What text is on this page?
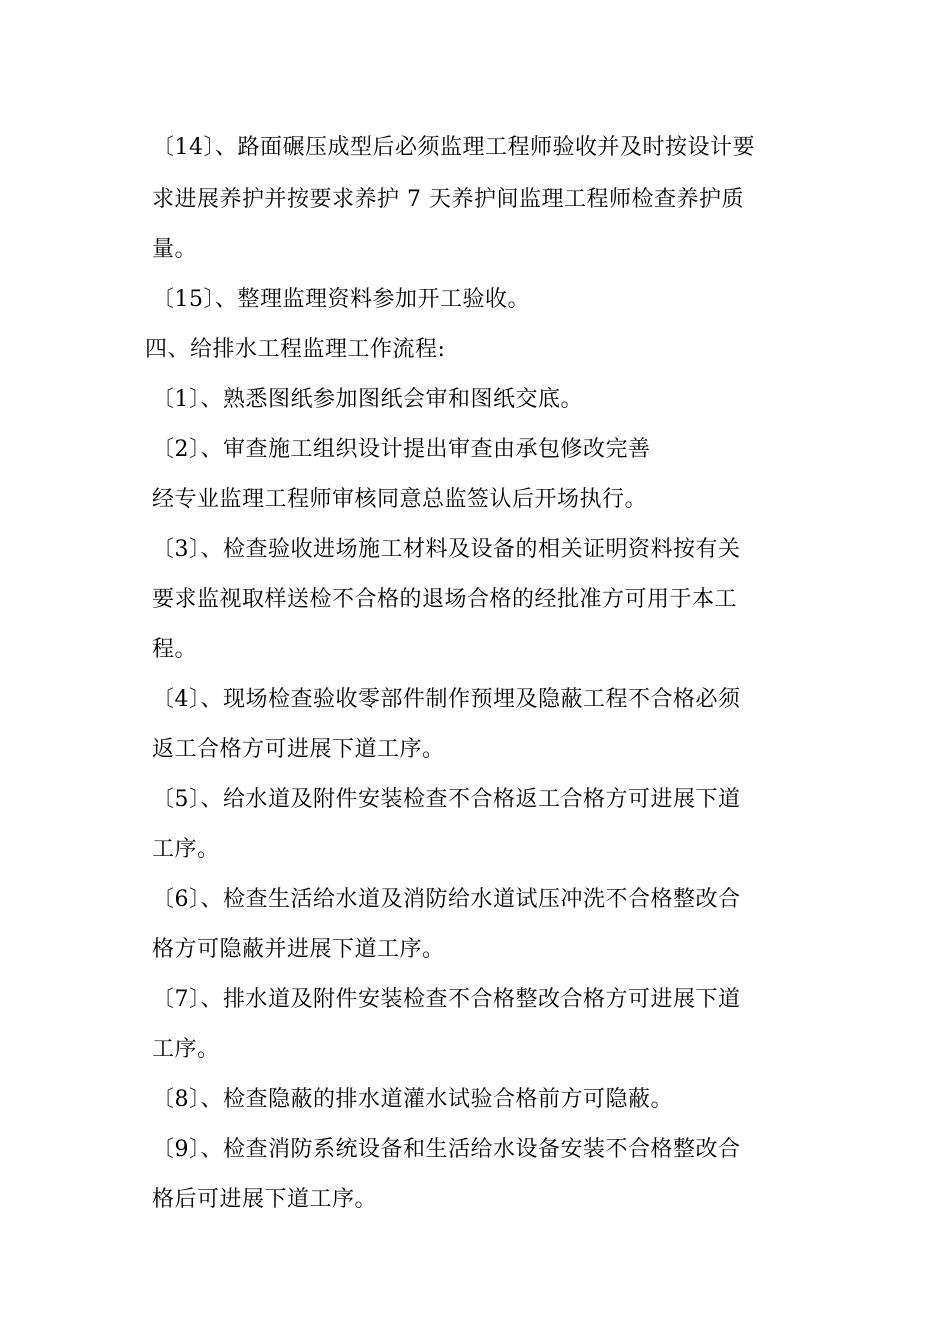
〔14〕、路面碾压成型后必须监理工程师验收并及时按设计要
求进展养护并按要求养护 7 天养护间监理工程师检查养护质
量。
〔15〕、整理监理资料参加开工验收。
四、给排水工程监理工作流程:
〔1〕、熟悉图纸参加图纸会审和图纸交底。
〔2〕、审查施工组织设计提出审查由承包修改完善
经专业监理工程师审核同意总监签认后开场执行。
〔3〕、检查验收进场施工材料及设备的相关证明资料按有关
要求监视取样送检不合格的退场合格的经批准方可用于本工
程。
〔4〕、现场检查验收零部件制作预埋及隐蔽工程不合格必须
返工合格方可进展下道工序。
〔5〕、给水道及附件安装检查不合格返工合格方可进展下道
工序。
〔6〕、检查生活给水道及消防给水道试压冲洗不合格整改合
格方可隐蔽并进展下道工序。
〔7〕、排水道及附件安装检查不合格整改合格方可进展下道
工序。
〔8〕、检查隐蔽的排水道灌水试验合格前方可隐蔽。
〔9〕、检查消防系统设备和生活给水设备安装不合格整改合
格后可进展下道工序。
